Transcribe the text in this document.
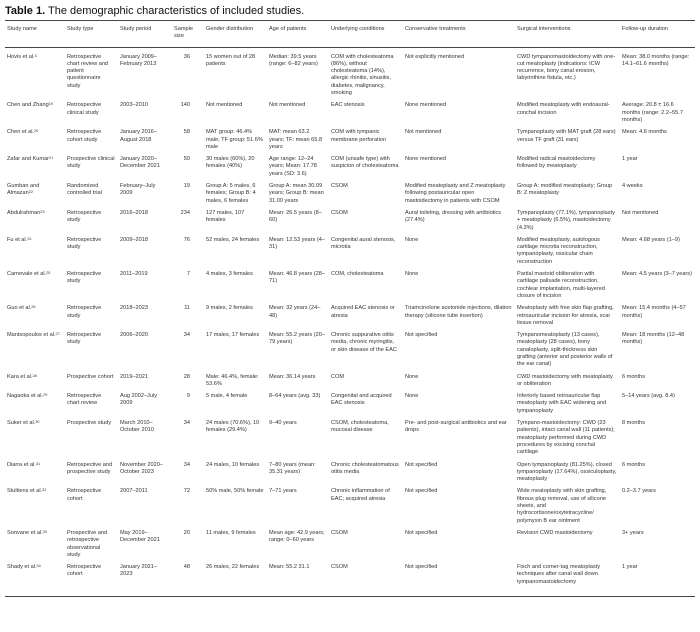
Table 1. The demographic characteristics of included studies.
Study name	Study type	Study period	Sample size	Gender distribution	Age of patients	Underlying conditions	Conservative treatments	Surgical interventions	Follow-up duration
Hovis et al.$^5$	Retrospective chart review and patient questionnaire study	January 2009–February 2013	36	15 women out of 28 patients	Median: 39.5 years (range: 6–82 years)	COM with cholesteatoma (86%), without cholesteatoma (14%), allergic rhinitis, sinusitis, diabetes, malignancy, smoking	Not explicitly mentioned	CWD tympanomastoidectomy with one-cut meatoplasty (indications: ICW recurrence, bony canal erosion, labyrinthine fistula, etc.)	Mean: 38.0 months (range: 14.1–61.6 months)
Chen and Zhang$^{19}$	Retrospective clinical study	2003–2010	140	Not mentioned	Not mentioned	EAC stenosis	None mentioned	Modified meatoplasty with endoaural-conchal incision	Average: 20.8 ± 16.6 months (range: 2.2–55.7 months)
Chen et al.$^{20}$	Retrospective cohort study	January 2016–August 2018	58	MAT group: 46.4% male; TF group: 51.6% male	MAT: mean 63.2 years; TF: mean 65.8 years	COM with tympanic membrane perforation	Not mentioned	Tympanoplasty with MAT graft (28 ears) versus TF graft (31 ears)	Mean: 4.6 months
Zafar and Kumar$^{21}$	Prospective clinical study	January 2020–December 2021	50	30 males (60%), 20 females (40%)	Age range: 12–24 years; Mean: 17.78 years (SD: 3.6)	COM (unsafe type) with suspicion of cholesteatoma	None mentioned	Modified radical mastoidectomy followed by meatoplasty	1 year
Gumban and Almazan$^{22}$	Randomized controlled trial	February–July 2009	19	Group A: 5 males, 6 females; Group B: 4 males, 6 females	Group A: mean 30.09 years; Group B: mean 31.00 years	CSOM	Modified meatoplasty and Z meatoplasty following postauricular open mastoidectomy in patients with CSOM	Group A: modified meatoplasty; Group B: Z meatoplasty	4 weeks
Abdulrahman$^{23}$	Retrospective study	2016–2018	234	127 males, 107 females	Mean: 26.5 years (8–60)	CSOM	Aural toileting, dressing with antibiotics (27.4%)	Tympanoplasty (77.1%), tympanoplasty + meatoplasty (6.5%), mastoidectomy (4.3%)	Not mentioned
Fu et al.$^{24}$	Retrospective study	2009–2018	76	52 males, 24 females	Mean: 12.53 years (4–31)	Congenital aural stenosis, microtia	None	Modified meatoplasty, autologous cartilage microtia reconstruction, tympanoplasty, ossicular chain reconstruction	Mean: 4.68 years (1–9)
Carnevale et al.$^{25}$	Retrospective study	2011–2019	7	4 males, 3 females	Mean: 46.8 years (28–71)	COM, cholesteatoma	None	Partial mastoid obliteration with cartilage palisade reconstruction, cochlear implantation, multi-layered closure of incision	Mean: 4.5 years (3–7 years)
Guo et al.$^{26}$	Retrospective study	2018–2023	11	9 males, 2 females	Mean: 32 years (24–48)	Acquired EAC stenosis or atresia	Triamcinolone acetonide injections, dilation therapy (silicone tube insertion)	Meatoplasty with free skin flap grafting, retroauricular incision for atresia, scar tissue removal	Mean: 15.4 months (4–57 months)
Mantsopoulos et al.$^{27}$	Retrospective study	2006–2020	34	17 males, 17 females	Mean: 55.2 years (20–79 years)	Chronic suppurative otitis media, chronic myringitis, or skin disease of the EAC	Not specified	Tympanomeatoplasty (13 cases), meatoplasty (28 cases), bony canaloplasty, split-thickness skin grafting (anterior and posterior walls of the ear canal)	Mean: 18 months (12–48 months)
Kara et al.$^{28}$	Prospective cohort	2019–2021	28	Male: 46.4%, female: 53.6%	Mean: 36.14 years	COM	None	CWD mastoidectomy with meatoplasty or obliteration	6 months
Nagaoka et al.$^{29}$	Retrospective chart review	Aug 2002–July 2009	9	5 male, 4 female	8–64 years (avg. 33)	Congenital and acquired EAC stenosis	None	Inferiorly based retroauricular flap meatoplasty with EAC widening and tympanoplasty	5–14 years (avg. 8.4)
Suker et al.$^{30}$	Prospective study	March 2010–October 2010	34	24 males (70.6%), 10 females (29.4%)	9–40 years	CSOM, cholesteatoma, mucosal disease	Pre- and post-surgical antibiotics and ear drops	Tympano-mastoidectomy: CWD (23 patients), intact canal wall (11 patients); meatoplasty performed during CWD procedures by excising conchal cartilage	8 months
Diarra et al.$^{31}$	Retrospective and prospective study	November 2020–October 2023	34	24 males, 10 females	7–80 years (mean: 35.31 years)	Chronic cholesteatomatous otitis media	Not specified	Open tympanoplasty (81.25%), closed tympanoplasty (17.64%), ossiculoplasty, meatoplasty	6 months
Stultiens et al.$^{32}$	Retrospective cohort	2007–2011	72	50% male, 50% female	7–71 years	Chronic inflammation of EAC; acquired atresia	Not specified	Wide meatoplasty with skin grafting, fibrous plug removal, use of silicone sheets, and hydrocortisone/oxytetracycline/ polymyxin B ear ointment	0.2–3.7 years
Sonvane et al.$^{33}$	Prospective and retrospective observational study	May 2019–December 2021	20	11 males, 9 females	Mean age: 42.9 years; range: 0–60 years	CSOM	Not specified	Revision CWD mastoidectomy	3+ years
Shady et al.$^{34}$	Retrospective cohort	January 2021–2023	48	26 males, 22 females	Mean: 55.2 31.1	CSOM	Not specified	Fisch and corner-tag meatoplasty techniques after canal wall down tympanomastoidectomy	1 year
